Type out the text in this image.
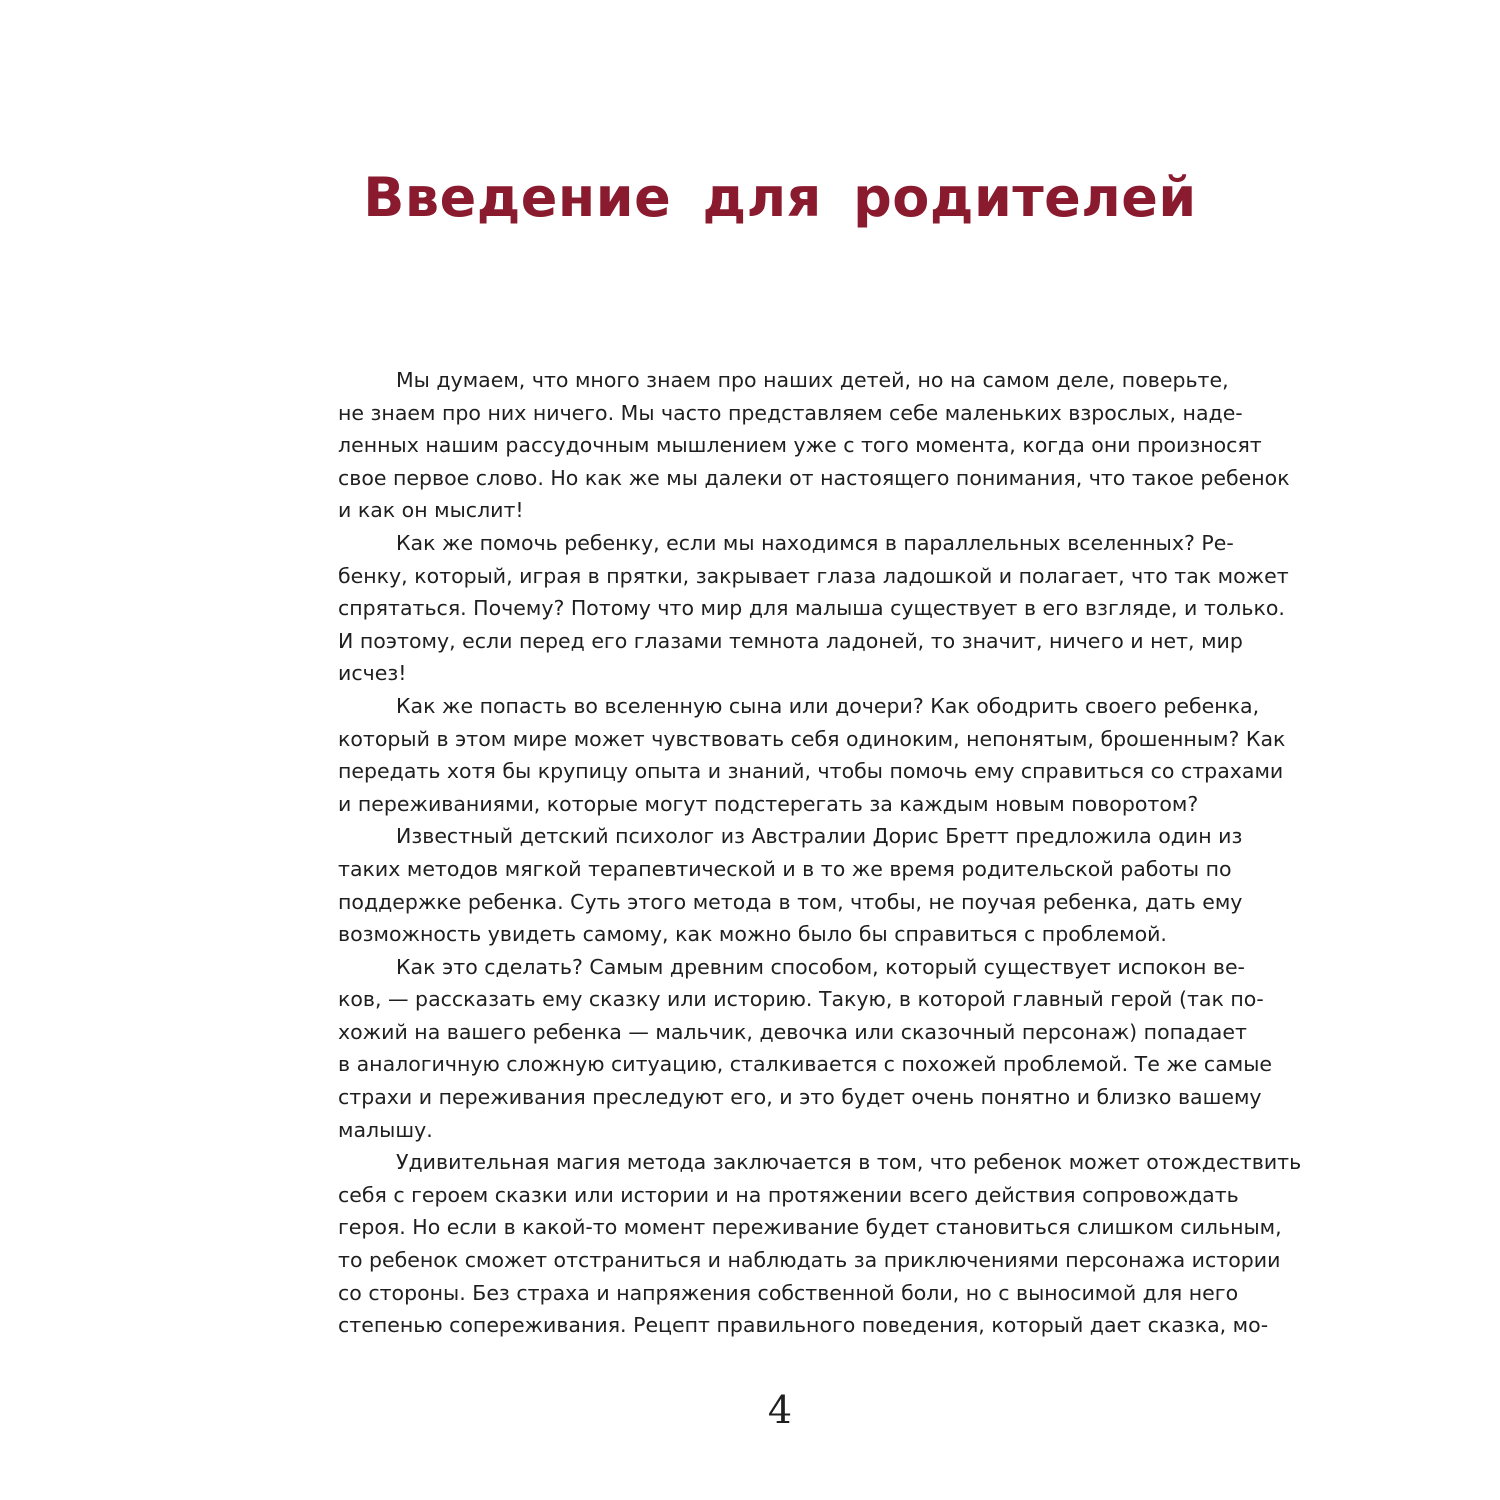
Введение для родителей
Мы думаем, что много знаем про наших детей, но на самом деле, поверьте,
не знаем про них ничего. Мы часто представляем себе маленьких взрослых, наде-
ленных нашим рассудочным мышлением уже с того момента, когда они произносят
свое первое слово. Но как же мы далеки от настоящего понимания, что такое ребенок
и как он мыслит!
Как же помочь ребенку, если мы находимся в параллельных вселенных? Ре-
бенку, который, играя в прятки, закрывает глаза ладошкой и полагает, что так может
спрятаться. Почему? Потому что мир для малыша существует в его взгляде, и только.
И поэтому, если перед его глазами темнота ладоней, то значит, ничего и нет, мир
исчез!
Как же попасть во вселенную сына или дочери? Как ободрить своего ребенка,
который в этом мире может чувствовать себя одиноким, непонятым, брошенным? Как
передать хотя бы крупицу опыта и знаний, чтобы помочь ему справиться со страхами
и переживаниями, которые могут подстерегать за каждым новым поворотом?
Известный детский психолог из Австралии Дорис Бретт предложила один из
таких методов мягкой терапевтической и в то же время родительской работы по
поддержке ребенка. Суть этого метода в том, чтобы, не поучая ребенка, дать ему
возможность увидеть самому, как можно было бы справиться с проблемой.
Как это сделать? Самым древним способом, который существует испокон ве-
ков, — рассказать ему сказку или историю. Такую, в которой главный герой (так по-
хожий на вашего ребенка — мальчик, девочка или сказочный персонаж) попадает
в аналогичную сложную ситуацию, сталкивается с похожей проблемой. Те же самые
страхи и переживания преследуют его, и это будет очень понятно и близко вашему
малышу.
Удивительная магия метода заключается в том, что ребенок может отождествить
себя с героем сказки или истории и на протяжении всего действия сопровождать
героя. Но если в какой-то момент переживание будет становиться слишком сильным,
то ребенок сможет отстраниться и наблюдать за приключениями персонажа истории
со стороны. Без страха и напряжения собственной боли, но с выносимой для него
степенью сопереживания. Рецепт правильного поведения, который дает сказка, мо-
4
